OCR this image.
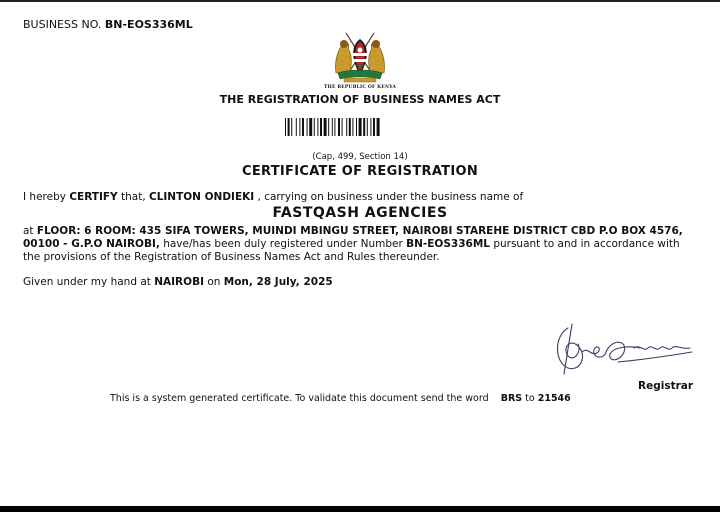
BUSINESS NO. BN-EOS336ML
THE REPUBLIC OF KENYA
THE REGISTRATION OF BUSINESS NAMES ACT
(Cap, 499, Section 14)
CERTIFICATE OF REGISTRATION
I hereby CERTIFY that, CLINTON ONDIEKI , carrying on business under the business name of
FASTQASH AGENCIES
at FLOOR: 6 ROOM: 435 SIFA TOWERS, MUINDI MBINGU STREET, NAIROBI STAREHE DISTRICT CBD P.O BOX 4576, 00100 - G.P.O NAIROBI, have/has been duly registered under Number BN-EOS336ML pursuant to and in accordance with the provisions of the Registration of Business Names Act and Rules thereunder.
Given under my hand at NAIROBI on Mon, 28 July, 2025
Registrar
This is a system generated certificate. To validate this document send the word BRS to 21546
